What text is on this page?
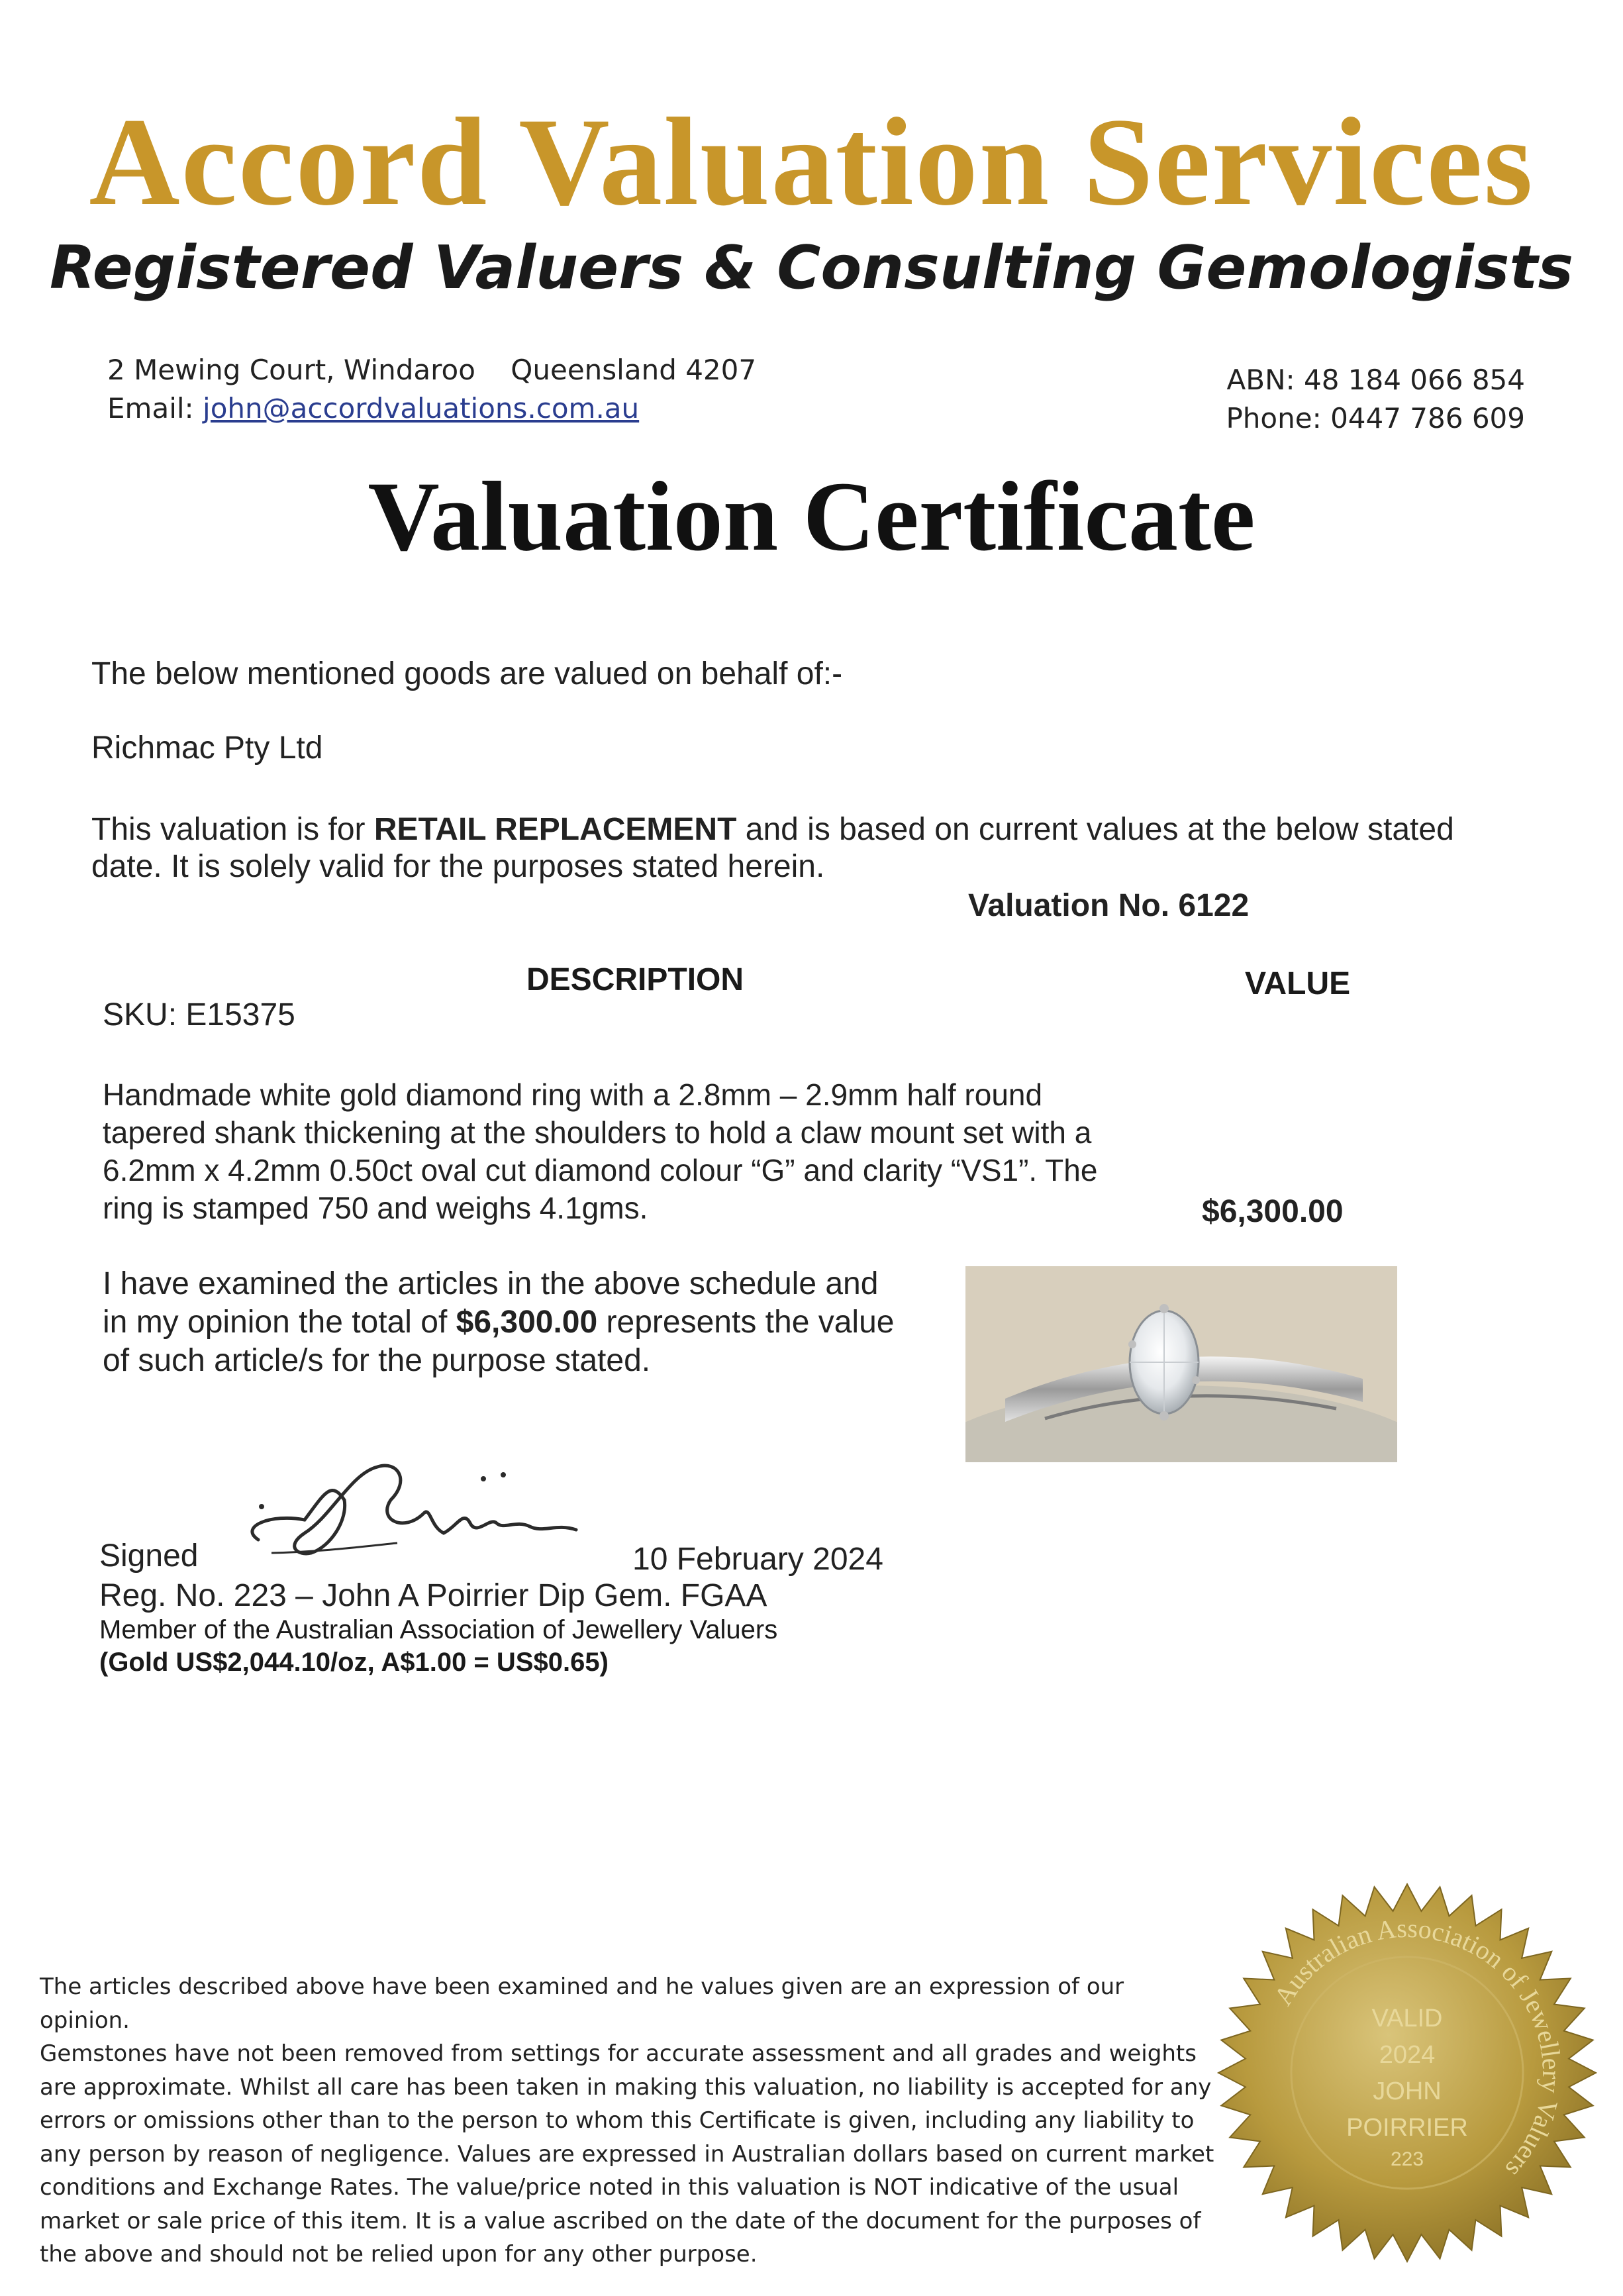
Accord Valuation Services
Registered Valuers & Consulting Gemologists
2 Mewing Court, Windaroo    Queensland 4207
Email: john@accordvaluations.com.au
ABN: 48 184 066 854
Phone: 0447 786 609
Valuation Certificate
The below mentioned goods are valued on behalf of:-
Richmac Pty Ltd
This valuation is for RETAIL REPLACEMENT and is based on current values at the below stated
date. It is solely valid for the purposes stated herein.
Valuation No. 6122
DESCRIPTION	VALUE
SKU: E15375
Handmade white gold diamond ring with a 2.8mm – 2.9mm half round
tapered shank thickening at the shoulders to hold a claw mount set with a
6.2mm x 4.2mm 0.50ct oval cut diamond colour “G” and clarity “VS1”. The
ring is stamped 750 and weighs 4.1gms.	$6,300.00
I have examined the articles in the above schedule and
in my opinion the total of $6,300.00 represents the value
of such article/s for the purpose stated.
Signed	10 February 2024
Reg. No. 223 – John A Poirrier Dip Gem. FGAA
Member of the Australian Association of Jewellery Valuers
(Gold US$2,044.10/oz, A$1.00 = US$0.65)
The articles described above have been examined and he values given are an expression of our opinion.
Gemstones have not been removed from settings for accurate assessment and all grades and weights
are approximate. Whilst all care has been taken in making this valuation, no liability is accepted for any
errors or omissions other than to the person to whom this Certificate is given, including any liability to
any person by reason of negligence. Values are expressed in Australian dollars based on current market
conditions and Exchange Rates. The value/price noted in this valuation is NOT indicative of the usual
market or sale price of this item. It is a value ascribed on the date of the document for the purposes of
the above and should not be relied upon for any other purpose.
Australian Association of Jewellery Valuers
VALID
2024
JOHN
POIRRIER
223
